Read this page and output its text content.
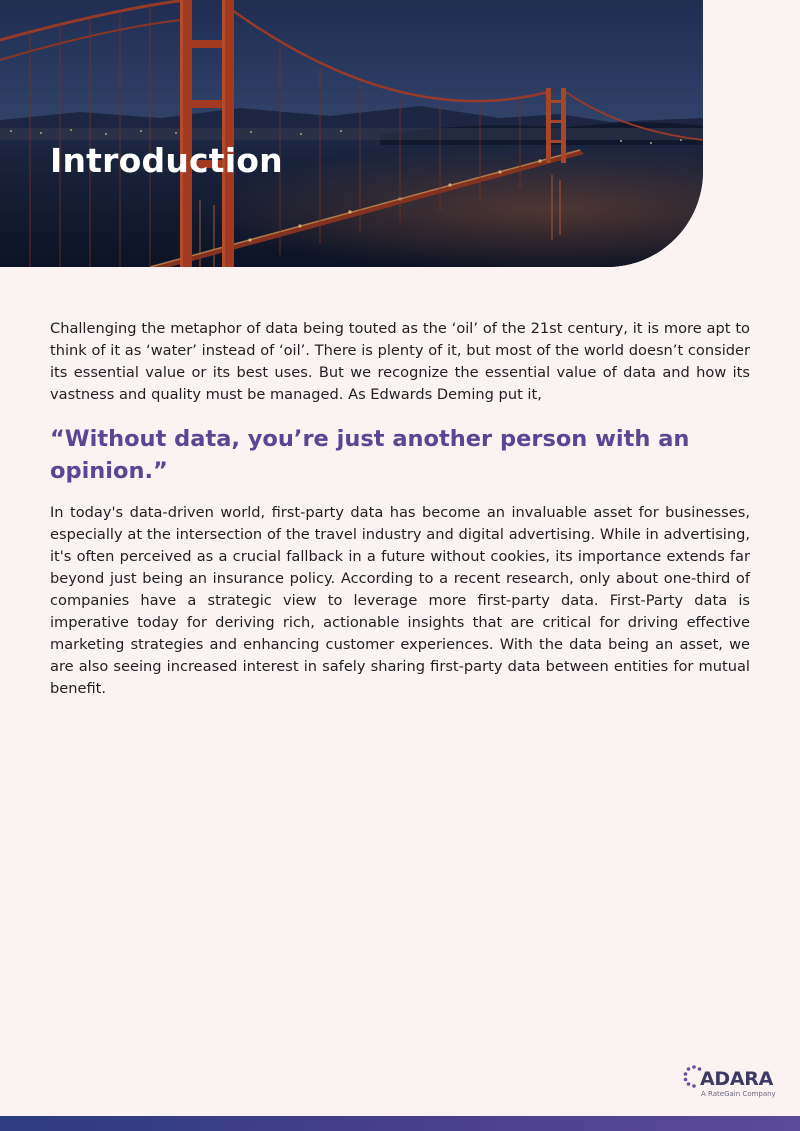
Introduction

Challenging the metaphor of data being touted as the ‘oil’ of the 21st century, it is more apt to think of it as ‘water’ instead of ‘oil’. There is plenty of it, but most of the world doesn’t consider its essential value or its best uses. But we recognize the essential value of data and how its vastness and quality must be managed. As Edwards Deming put it,

“Without data, you’re just another person with an opinion.”

In today's data-driven world, first-party data has become an invaluable asset for businesses, especially at the intersection of the travel industry and digital advertising. While in advertising, it's often perceived as a crucial fallback in a future without cookies, its importance extends far beyond just being an insurance policy. According to a recent research, only about one-third of companies have a strategic view to leverage more first-party data. First-Party data is imperative today for deriving rich, actionable insights that are critical for driving effective marketing strategies and enhancing customer experiences. With the data being an asset, we are also seeing increased interest in safely sharing first-party data between entities for mutual benefit.

ADARA
A RateGain Company
